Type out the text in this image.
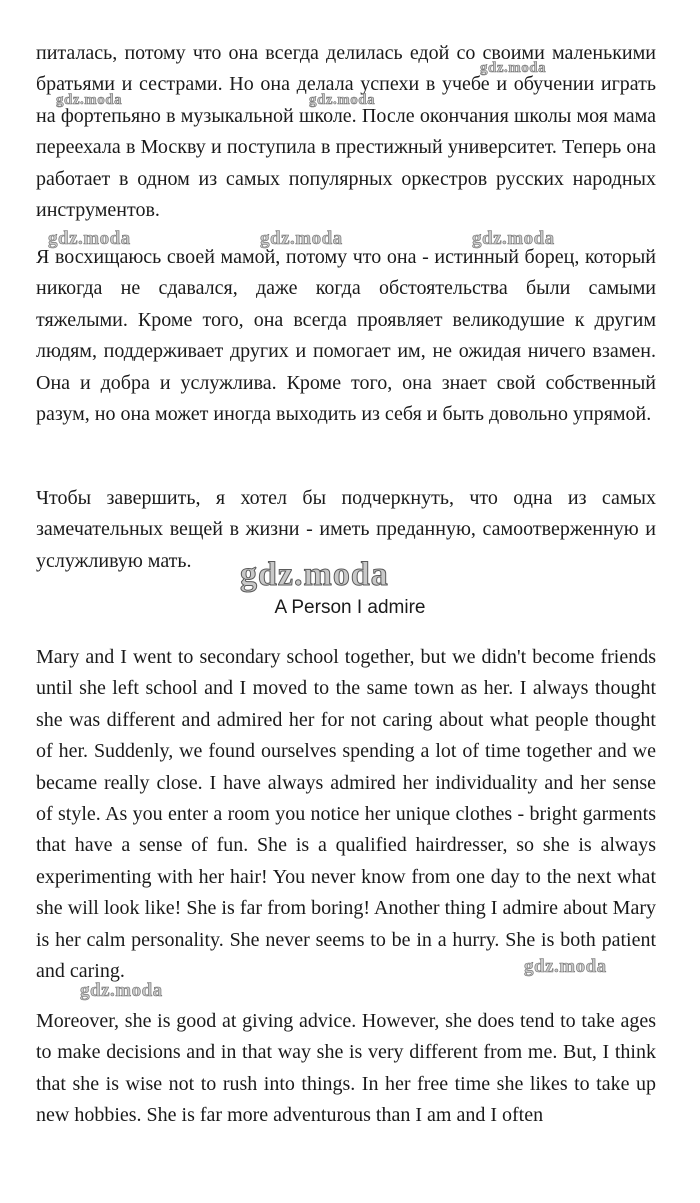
питалась, потому что она всегда делилась едой со своими маленькими братьями и сестрами. Но она делала успехи в учебе и обучении играть на фортепьяно в музыкальной школе. После окончания школы моя мама переехала в Москву и поступила в престижный университет. Теперь она работает в одном из самых популярных оркестров русских народных инструментов.

Я восхищаюсь своей мамой, потому что она - истинный борец, который никогда не сдавался, даже когда обстоятельства были самыми тяжелыми. Кроме того, она всегда проявляет великодушие к другим людям, поддерживает других и помогает им, не ожидая ничего взамен. Она и добра и услужлива. Кроме того, она знает свой собственный разум, но она может иногда выходить из себя и быть довольно упрямой.

Чтобы завершить, я хотел бы подчеркнуть, что одна из самых замечательных вещей в жизни - иметь преданную, самоотверженную и услужливую мать.

A Person I admire

Mary and I went to secondary school together, but we didn't become friends until she left school and I moved to the same town as her. I always thought she was different and admired her for not caring about what people thought of her. Suddenly, we found ourselves spending a lot of time together and we became really close. I have always admired her individuality and her sense of style. As you enter a room you notice her unique clothes - bright garments that have a sense of fun. She is a qualified hairdresser, so she is always experimenting with her hair! You never know from one day to the next what she will look like! She is far from boring! Another thing I admire about Mary is her calm personality. She never seems to be in a hurry. She is both patient and caring.

Moreover, she is good at giving advice. However, she does tend to take ages to make decisions and in that way she is very different from me. But, I think that she is wise not to rush into things. In her free time she likes to take up new hobbies. She is far more adventurous than I am and I often

gdz.moda
gdz.moda	gdz.moda
gdz.moda	gdz.moda	gdz.moda
gdz.moda
gdz.moda
gdz.moda
